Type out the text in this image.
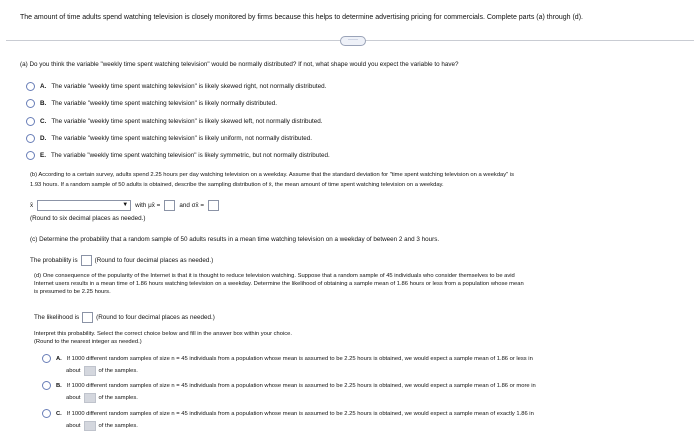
The amount of time adults spend watching television is closely monitored by firms because this helps to determine advertising pricing for commercials. Complete parts (a) through (d).
·····
(a) Do you think the variable "weekly time spent watching television" would be normally distributed? If not, what shape would you expect the variable to have?
A. The variable "weekly time spent watching television" is likely skewed right, not normally distributed.
B. The variable "weekly time spent watching television" is likely normally distributed.
C. The variable "weekly time spent watching television" is likely skewed left, not normally distributed.
D. The variable "weekly time spent watching television" is likely uniform, not normally distributed.
E. The variable "weekly time spent watching television" is likely symmetric, but not normally distributed.
(b) According to a certain survey, adults spend 2.25 hours per day watching television on a weekday. Assume that the standard deviation for "time spent watching television on a weekday" is
1.93 hours. If a random sample of 50 adults is obtained, describe the sampling distribution of x̄, the mean amount of time spent watching television on a weekday.
x̄	▼ with μx̄ =	and σx̄ =
(Round to six decimal places as needed.)
(c) Determine the probability that a random sample of 50 adults results in a mean time watching television on a weekday of between 2 and 3 hours.
The probability is	(Round to four decimal places as needed.)
(d) One consequence of the popularity of the Internet is that it is thought to reduce television watching. Suppose that a random sample of 45 individuals who consider themselves to be avid
Internet users results in a mean time of 1.86 hours watching television on a weekday. Determine the likelihood of obtaining a sample mean of 1.86 hours or less from a population whose mean
is presumed to be 2.25 hours.
The likelihood is	(Round to four decimal places as needed.)
Interpret this probability. Select the correct choice below and fill in the answer box within your choice.
(Round to the nearest integer as needed.)
A. If 1000 different random samples of size n = 45 individuals from a population whose mean is assumed to be 2.25 hours is obtained, we would expect a sample mean of 1.86 or less in
about	of the samples.
B. If 1000 different random samples of size n = 45 individuals from a population whose mean is assumed to be 2.25 hours is obtained, we would expect a sample mean of 1.86 or more in
about	of the samples.
C. If 1000 different random samples of size n = 45 individuals from a population whose mean is assumed to be 2.25 hours is obtained, we would expect a sample mean of exactly 1.86 in
about	of the samples.
